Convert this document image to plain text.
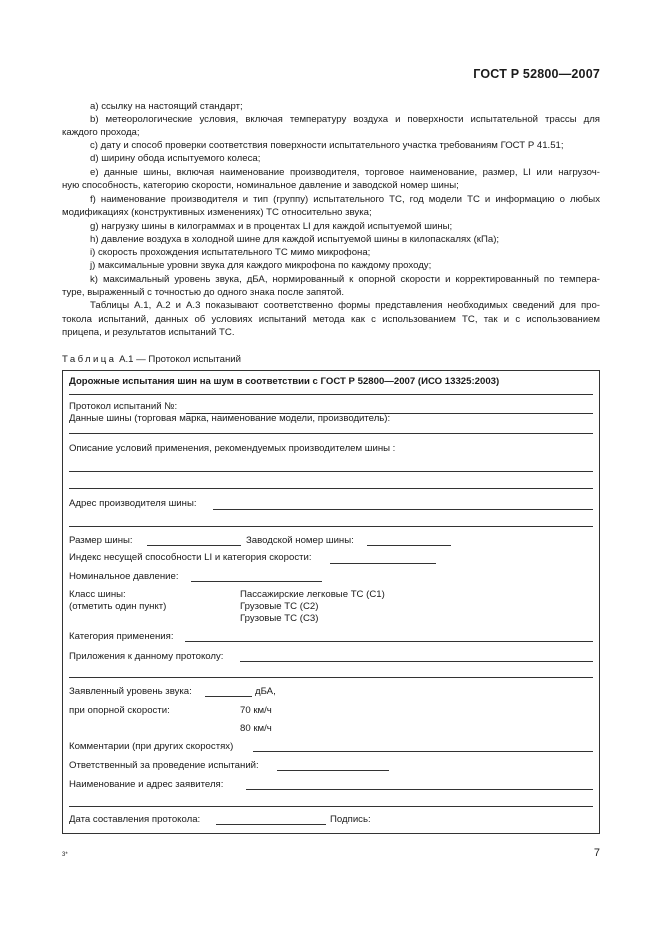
ГОСТ Р 52800—2007
а) ссылку на настоящий стандарт;
b) метеорологические условия, включая температуру воздуха и поверхности испытательной трассы для
каждого прохода;
с) дату и способ проверки соответствия поверхности испытательного участка требованиям ГОСТ Р 41.51;
d) ширину обода испытуемого колеса;
е) данные шины, включая наименование производителя, торговое наименование, размер, LI или нагрузоч-
ную способность, категорию скорости, номинальное давление и заводской номер шины;
f) наименование производителя и тип (группу) испытательного ТС, год модели ТС и информацию о любых
модификациях (конструктивных изменениях) ТС относительно звука;
g) нагрузку шины в килограммах и в процентах LI для каждой испытуемой шины;
h) давление воздуха в холодной шине для каждой испытуемой шины в килопаскалях (кПа);
i) скорость прохождения испытательного ТС мимо микрофона;
j) максимальные уровни звука для каждого микрофона по каждому проходу;
k) максимальный уровень звука, дБА, нормированный к опорной скорости и корректированный по темпера-
туре, выраженный с точностью до одного знака после запятой.
Таблицы А.1, А.2 и А.3 показывают соответственно формы представления необходимых сведений для про-
токола испытаний, данных об условиях испытаний метода как с использованием ТС, так и с использованием
прицепа, и результатов испытаний ТС.
Таблица А.1 — Протокол испытаний
Дорожные испытания шин на шум в соответствии с ГОСТ Р 52800—2007 (ИСО 13325:2003)
Протокол испытаний №:
Данные шины (торговая марка, наименование модели, производитель):
Описание условий применения, рекомендуемых производителем шины :
Адрес производителя шины:
Размер шины:	Заводской номер шины:
Индекс несущей способности LI и категория скорости:
Номинальное давление:
Класс шины:
(отметить один пункт)
Пассажирские легковые ТС (С1)
Грузовые ТС (С2)
Грузовые ТС (С3)
Категория применения:
Приложения к данному протоколу:
Заявленный уровень звука:	дБА,
при опорной скорости:	70 км/ч
80 км/ч
Комментарии (при других скоростях)
Ответственный за проведение испытаний:
Наименование и адрес заявителя:
Дата составления протокола:	Подпись:
3*	7
